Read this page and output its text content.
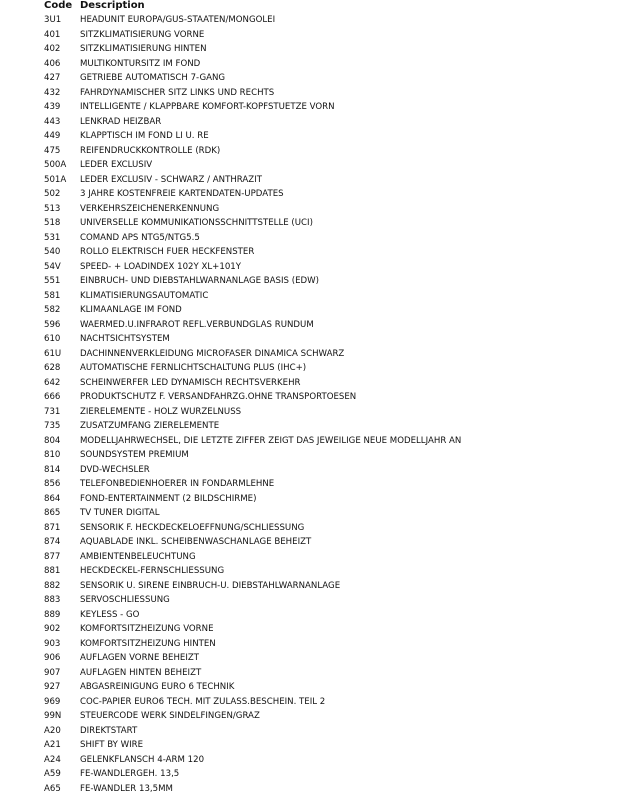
Code Description
3U1	HEADUNIT EUROPA/GUS-STAATEN/MONGOLEI
401	SITZKLIMATISIERUNG VORNE
402	SITZKLIMATISIERUNG HINTEN
406	MULTIKONTURSITZ IM FOND
427	GETRIEBE AUTOMATISCH 7-GANG
432	FAHRDYNAMISCHER SITZ LINKS UND RECHTS
439	INTELLIGENTE / KLAPPBARE KOMFORT-KOPFSTUETZE VORN
443	LENKRAD HEIZBAR
449	KLAPPTISCH IM FOND LI U. RE
475	REIFENDRUCKKONTROLLE (RDK)
500A	LEDER EXCLUSIV
501A	LEDER EXCLUSIV - SCHWARZ / ANTHRAZIT
502	3 JAHRE KOSTENFREIE KARTENDATEN-UPDATES
513	VERKEHRSZEICHENERKENNUNG
518	UNIVERSELLE KOMMUNIKATIONSSCHNITTSTELLE (UCI)
531	COMAND APS NTG5/NTG5.5
540	ROLLO ELEKTRISCH FUER HECKFENSTER
54V	SPEED- + LOADINDEX 102Y XL+101Y
551	EINBRUCH- UND DIEBSTAHLWARNANLAGE BASIS (EDW)
581	KLIMATISIERUNGSAUTOMATIC
582	KLIMAANLAGE IM FOND
596	WAERMED.U.INFRAROT REFL.VERBUNDGLAS RUNDUM
610	NACHTSICHTSYSTEM
61U	DACHINNENVERKLEIDUNG MICROFASER DINAMICA SCHWARZ
628	AUTOMATISCHE FERNLICHTSCHALTUNG PLUS (IHC+)
642	SCHEINWERFER LED DYNAMISCH RECHTSVERKEHR
666	PRODUKTSCHUTZ F. VERSANDFAHRZG.OHNE TRANSPORTOESEN
731	ZIERELEMENTE - HOLZ WURZELNUSS
735	ZUSATZUMFANG ZIERELEMENTE
804	MODELLJAHRWECHSEL, DIE LETZTE ZIFFER ZEIGT DAS JEWEILIGE NEUE MODELLJAHR AN
810	SOUNDSYSTEM PREMIUM
814	DVD-WECHSLER
856	TELEFONBEDIENHOERER IN FONDARMLEHNE
864	FOND-ENTERTAINMENT (2 BILDSCHIRME)
865	TV TUNER DIGITAL
871	SENSORIK F. HECKDECKELOEFFNUNG/SCHLIESSUNG
874	AQUABLADE INKL. SCHEIBENWASCHANLAGE BEHEIZT
877	AMBIENTENBELEUCHTUNG
881	HECKDECKEL-FERNSCHLIESSUNG
882	SENSORIK U. SIRENE EINBRUCH-U. DIEBSTAHLWARNANLAGE
883	SERVOSCHLIESSUNG
889	KEYLESS - GO
902	KOMFORTSITZHEIZUNG VORNE
903	KOMFORTSITZHEIZUNG HINTEN
906	AUFLAGEN VORNE BEHEIZT
907	AUFLAGEN HINTEN BEHEIZT
927	ABGASREINIGUNG EURO 6 TECHNIK
969	COC-PAPIER EURO6 TECH. MIT ZULASS.BESCHEIN. TEIL 2
99N	STEUERCODE WERK SINDELFINGEN/GRAZ
A20	DIREKTSTART
A21	SHIFT BY WIRE
A24	GELENKFLANSCH 4-ARM 120
A59	FE-WANDLERGEH. 13,5
A65	FE-WANDLER 13,5MM
